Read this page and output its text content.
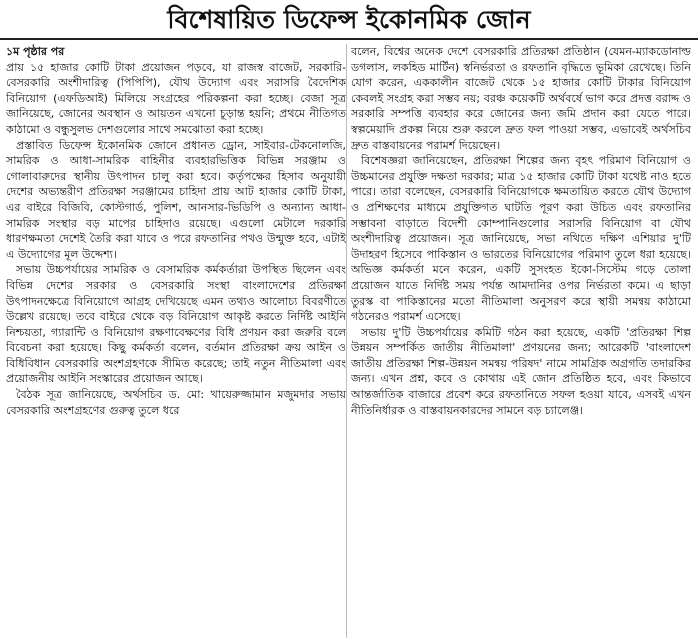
বিশেষায়িত ডিফেন্স ইকোনমিক জোন
১ম পৃষ্ঠার পর

প্রায় ১৫ হাজার কোটি টাকা প্রয়োজন পড়বে, যা রাজস্ব বাজেট, সরকারি-বেসরকারি অংশীদারিত্ব (পিপিপি), যৌথ উদ্যোগ এবং সরাসরি বৈদেশিক বিনিয়োগ (এফডিআই) মিলিয়ে সংগ্রহের পরিকল্পনা করা হচ্ছে। বেজা সূত্র জানিয়েছে, জোনের অবস্থান ও আয়তন এখনো চূড়ান্ত হয়নি; প্রথমে নীতিগত কাঠামো ও বন্ধুসুলভ দেশগুলোর সাথে সমঝোতা করা হচ্ছে।

প্রস্তাবিত ডিফেন্স ইকোনমিক জোনে প্রধানত ড্রোন, সাইবার-টেকনোলজি, সামরিক ও আধা-সামরিক বাহিনীর ব্যবহারভিত্তিক বিভিন্ন সরঞ্জাম ও গোলাবারুদের স্থানীয় উৎপাদন চালু করা হবে। কর্তৃপক্ষের হিসাব অনুযায়ী দেশের অভ্যন্তরীণ প্রতিরক্ষা সরঞ্জামের চাহিদা প্রায় আট হাজার কোটি টাকা, এর বাইরে বিজিবি, কোস্টগার্ড, পুলিশ, আনসার-ভিডিপি ও অন্যান্য আধা-সামরিক সংস্থার বড় মাপের চাহিদাও রয়েছে। এগুলো মেটালে দরকারি ধারণক্ষমতা দেশেই তৈরি করা যাবে ও পরে রফতানির পথও উন্মুক্ত হবে, এটাই এ উদ্যোগের মূল উদ্দেশ্য।

সভায় উচ্চপর্যায়ের সামরিক ও বেসামরিক কর্মকর্তারা উপস্থিত ছিলেন এবং বিভিন্ন দেশের সরকার ও বেসরকারি সংস্থা বাংলাদেশের প্রতিরক্ষা উৎপাদনক্ষেত্রে বিনিয়োগে আগ্রহ দেখিয়েছে এমন তথ্যও আলোচ্য বিবরণীতে উল্লেখ রয়েছে। তবে বাইরে থেকে বড় বিনিয়োগ আকৃষ্ট করতে নির্দিষ্ট আইনি নিশ্চয়তা, গ্যারান্টি ও বিনিয়োগ রক্ষণাবেক্ষণের বিধি প্রণয়ন করা জরুরি বলে বিবেচনা করা হয়েছে। কিছু কর্মকর্তা বলেন, বর্তমান প্রতিরক্ষা ক্রয় আইন ও বিধিবিধান বেসরকারি অংশগ্রহণকে সীমিত করেছে; তাই নতুন নীতিমালা এবং প্রয়োজনীয় আইনি সংস্কারের প্রয়োজন আছে।

বৈঠক সূত্র জানিয়েছে, অর্থসচিব ড. মো: খায়েরুজ্জামান মজুমদার সভায় বেসরকারি অংশগ্রহণের গুরুত্ব তুলে ধরে

বলেন, বিশ্বের অনেক দেশে বেসরকারি প্রতিরক্ষা প্রতিষ্ঠান (যেমন-ম্যাকডোনাল্ড ডগলাস, লকহিড মার্টিন) স্বনির্ভরতা ও রফতানি বৃদ্ধিতে ভূমিকা রেখেছে। তিনি যোগ করেন, এককালীন বাজেট থেকে ১৫ হাজার কোটি টাকার বিনিয়োগ কেবলই সংগ্রহ করা সম্ভব নয়; বরঞ্চ কয়েকটি অর্থবর্ষে ভাগ করে প্রদত্ত বরাদ্দ ও সরকারি সম্পত্তি ব্যবহার করে জোনের জন্য জমি প্রদান করা যেতে পারে। স্বল্পমেয়াদি প্রকল্প নিয়ে শুরু করলে দ্রুত ফল পাওয়া সম্ভব, এভাবেই অর্থসচিব দ্রুত বাস্তবায়নের পরামর্শ দিয়েছেন।

বিশেষজ্ঞরা জানিয়েছেন, প্রতিরক্ষা শিল্পের জন্য বৃহৎ পরিমাণ বিনিয়োগ ও উচ্চমানের প্রযুক্তি দক্ষতা দরকার; মাত্র ১৫ হাজার কোটি টাকা যথেষ্ট নাও হতে পারে। তারা বলেছেন, বেসরকারি বিনিয়োগকে ক্ষমতায়িত করতে যৌথ উদ্যোগ ও প্রশিক্ষণের মাধ্যমে প্রযুক্তিগত ঘাটতি পূরণ করা উচিত এবং রফতানির সম্ভাবনা বাড়াতে বিদেশী কোম্পানিগুলোর সরাসরি বিনিয়োগ বা যৌথ অংশীদারিত্ব প্রয়োজন। সূত্র জানিয়েছে, সভা নথিতে দক্ষিণ এশিয়ার দু'টি উদাহরণ হিসেবে পাকিস্তান ও ভারতের বিনিয়োগের পরিমাণ তুলে ধরা হয়েছে। অভিজ্ঞ কর্মকর্তা মনে করেন, একটি সুসংহত ইকো-সিস্টেম গড়ে তোলা প্রয়োজন যাতে নির্দিষ্ট সময় পর্যন্ত আমদানির ওপর নির্ভরতা কমে। এ ছাড়া তুরস্ক বা পাকিস্তানের মতো নীতিমালা অনুসরণ করে স্থায়ী সমন্বয় কাঠামো গঠনেরও পরামর্শ এসেছে।

সভায় দু'টি উচ্চপর্যায়ের কমিটি গঠন করা হয়েছে, একটি 'প্রতিরক্ষা শিল্প উন্নয়ন সম্পর্কিত জাতীয় নীতিমালা' প্রণয়নের জন্য; আরেকটি 'বাংলাদেশ জাতীয় প্রতিরক্ষা শিল্প-উন্নয়ন সমন্বয় পরিষদ' নামে সামগ্রিক অগ্রগতি তদারকির জন্য। এখন প্রশ্ন, কবে ও কোথায় এই জোন প্রতিষ্ঠিত হবে, এবং কিভাবে আন্তর্জাতিক বাজারে প্রবেশ করে রফতানিতে সফল হওয়া যাবে, এসবই এখন নীতিনির্ধারক ও বাস্তবায়নকারদের সামনে বড় চ্যালেঞ্জ।
